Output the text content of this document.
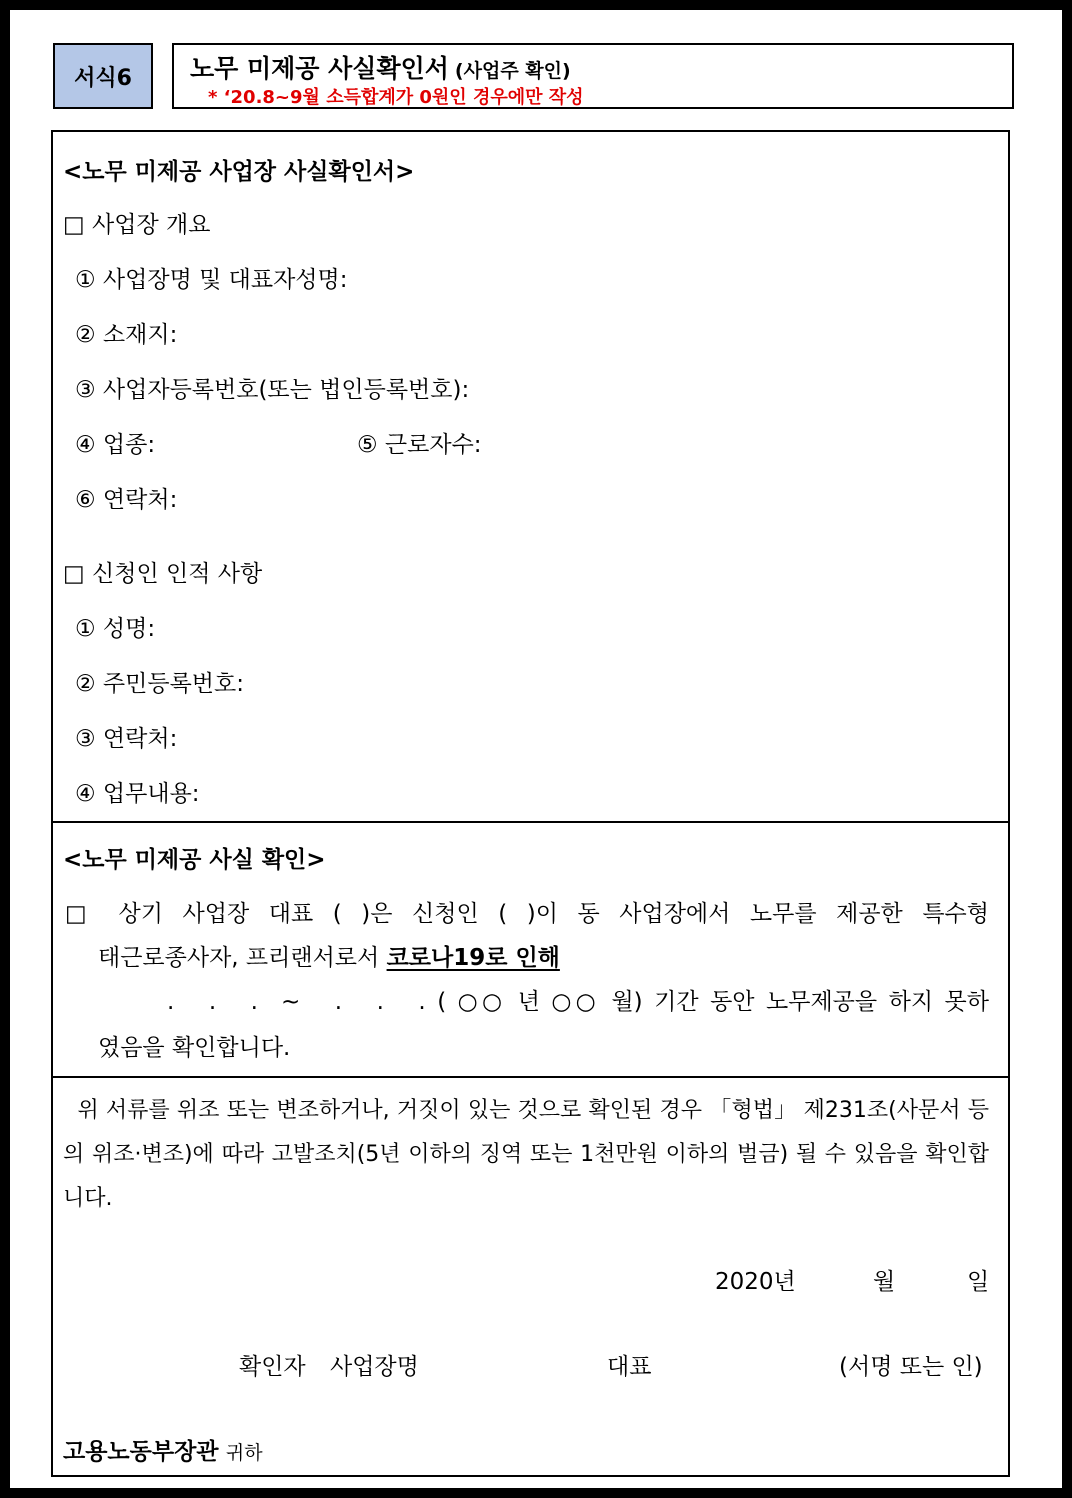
서식6	노무 미제공 사실확인서 (사업주 확인)
* ‘20.8~9월 소득합계가 0원인 경우에만 작성
<노무 미제공 사업장 사실확인서>
□ 사업장 개요
① 사업장명 및 대표자성명:
② 소재지:
③ 사업자등록번호(또는 법인등록번호):
④ 업종:	⑤ 근로자수:
⑥ 연락처:
□ 신청인 인적 사항
① 성명:
② 주민등록번호:
③ 연락처:
④ 업무내용:
<노무 미제공 사실 확인>
□ 상기 사업장 대표 ( )은 신청인 ( )이 동 사업장에서 노무를 제공한 특수형
태근로종사자, 프리랜서로서 코로나19로 인해
.   .   .  ~   .   .   . ( ○○ 년 ○○ 월) 기간 동안 노무제공을 하지 못하
였음을 확인합니다.
위 서류를 위조 또는 변조하거나, 거짓이 있는 것으로 확인된 경우 「형법」 제231조(사문서 등의 위조·변조)에 따라 고발조치(5년 이하의 징역 또는 1천만원 이하의 벌금) 될 수 있음을 확인합니다.
2020년	월	일
확인자 사업장명	대표	(서명 또는 인)
고용노동부장관 귀하
